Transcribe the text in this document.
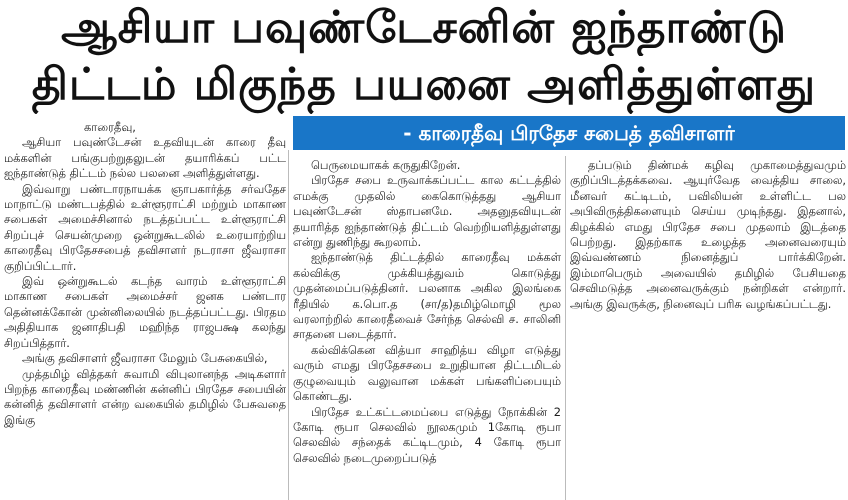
ஆசியா பவுண்டேசனின் ஐந்தாண்டு
திட்டம் மிகுந்த பயனை அளித்துள்ளது
- காரைதீவு பிரதேச சபைத் தவிசாளர்

காரைதீவு,

ஆசியா பவுண்டேசன் உதவியுடன் காரை தீவு மக்களின் பங்குபற்றுதலுடன் தயாரிக்கப் பட்ட ஐந்தாண்டுத் திட்டம் நல்ல பலனை அளித்துள்ளது.

இவ்வாறு பண்டாரநாயக்க ஞாபகார்த்த சர்வதேச மாநாட்டு மண்டபத்தில் உள்ளூராட்சி மற்றும் மாகாண சபைகள் அமைச்சினால் நடத்தப்பட்ட உள்ளூராட்சி சிறப்புச் செயன்முறை ஒன்றுகூடலில் உரையாற்றிய காரைதீவு பிரதேசசபைத் தவிசாளர் நடராசா ஜீவராசா குறிப்பிட்டார்.

இவ் ஒன்றுகூடல் கடந்த வாரம் உள்ளூராட்சி மாகாண சபைகள் அமைச்சர் ஜனக பண்டார தென்னக்கோன் முன்னிலையில் நடத்தப்பட்டது. பிரதம அதிதியாக ஜனாதிபதி மஹிந்த ராஜபக்ஷ கலந்து சிறப்பித்தார்.

அங்கு தவிசாளர் ஜீவராசா மேலும் பேசுகையில்,

முத்தமிழ் வித்தகர் சுவாமி விபுலானந்த அடிகளார் பிறந்த காரைதீவு மண்ணின் கன்னிப் பிரதேச சபையின் கன்னித் தவிசாளர் என்ற வகையில் தமிழில் பேசுவதை இங்கு

பெருமையாகக் கருதுகிறேன்.

பிரதேச சபை உருவாக்கப்பட்ட கால கட்டத்தில் எமக்கு முதலில் கைகொடுத்தது ஆசியா பவுண்டேசன் ஸ்தாபனமே. அதனுதவியுடன் தயாரித்த ஐந்தாண்டுத் திட்டம் வெற்றியளித்துள்ளது என்று துணிந்து கூறலாம்.

ஐந்தாண்டுத் திட்டத்தில் காரைதீவு மக்கள் கல்விக்கு முக்கியத்துவம் கொடுத்து முதன்மைப்படுத்தினர். பலனாக அகில இலங்கை ரீதியில் க.பொ.த (சா/த)தமிழ்மொழி மூல வரலாற்றில் காரைதீவைச் சேர்ந்த செல்வி ச. சாலினி சாதனை படைத்தார்.

கல்விக்கென வித்யா சாஹித்ய விழா எடுத்து வரும் எமது பிரதேசசபை உறுதியான திட்டமிடல் குழுவையும் வலுவான மக்கள் பங்களிப்பையும் கொண்டது.

பிரதேச உட்கட்டமைப்பை எடுத்து நோக்கின் 2 கோடி ரூபா செலவில் நூலகமும் 1கோடி ரூபா செலவில் சந்தைக் கட்டிடமும், 4 கோடி ரூபா செலவில் நடைமுறைப்படுத்

தப்படும் திண்மக் கழிவு முகாமைத்துவமும் குறிப்பிடத்தக்கவை. ஆயுர்வேத வைத்திய சாலை, மீனவர் கட்டிடம், பவிலியன் உள்ளிட்ட பல அபிவிருத்திகளையும் செய்ய முடிந்தது. இதனால், கிழக்கில் எமது பிரதேச சபை முதலாம் இடத்தை பெற்றது. இதற்காக உழைத்த அனைவரையும் இவ்வண்ணம் நினைத்துப் பார்க்கிறேன். இம்மாபெரும் அவையில் தமிழில் பேசியதை செவிமடுத்த அனைவருக்கும் நன்றிகள் என்றார். அங்கு இவருக்கு, நினைவுப் பரிசு வழங்கப்பட்டது.
